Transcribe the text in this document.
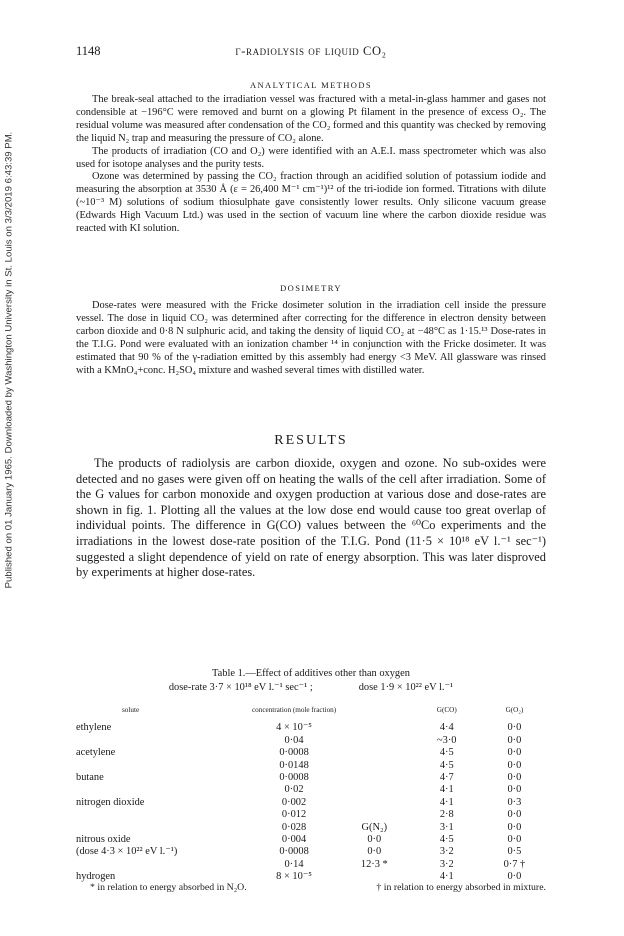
1148	γ-radiolysis of liquid CO₂
Published on 01 January 1965. Downloaded by Washington University in St. Louis on 3/3/2019 6:43:39 PM.
ANALYTICAL METHODS

The break-seal attached to the irradiation vessel was fractured with a metal-in-glass hammer and gases not condensible at −196°C were removed and burnt on a glowing Pt filament in the presence of excess O₂. The residual volume was measured after condensation of the CO₂ formed and this quantity was checked by removing the liquid N₂ trap and measuring the pressure of CO₂ alone.

The products of irradiation (CO and O₂) were identified with an A.E.I. mass spectrometer which was also used for isotope analyses and the purity tests.

Ozone was determined by passing the CO₂ fraction through an acidified solution of potassium iodide and measuring the absorption at 3530 Å (ε = 26,400 M⁻¹ cm⁻¹)¹² of the tri-iodide ion formed. Titrations with dilute (~10⁻³ M) solutions of sodium thiosulphate gave consistently lower results. Only silicone vacuum grease (Edwards High Vacuum Ltd.) was used in the section of vacuum line where the carbon dioxide residue was reacted with KI solution.

DOSIMETRY

Dose-rates were measured with the Fricke dosimeter solution in the irradiation cell inside the pressure vessel. The dose in liquid CO₂ was determined after correcting for the difference in electron density between carbon dioxide and 0·8 N sulphuric acid, and taking the density of liquid CO₂ at −48°C as 1·15.¹³ Dose-rates in the T.I.G. Pond were evaluated with an ionization chamber ¹⁴ in conjunction with the Fricke dosimeter. It was estimated that 90 % of the γ-radiation emitted by this assembly had energy <3 MeV. All glassware was rinsed with a KMnO₄+conc. H₂SO₄ mixture and washed several times with distilled water.

RESULTS

The products of radiolysis are carbon dioxide, oxygen and ozone. No sub-oxides were detected and no gases were given off on heating the walls of the cell after irradiation. Some of the G values for carbon monoxide and oxygen production at various dose and dose-rates are shown in fig. 1. Plotting all the values at the low dose end would cause too great overlap of individual points. The difference in G(CO) values between the ⁶⁰Co experiments and the irradiations in the lowest dose-rate position of the T.I.G. Pond (11·5 × 10¹⁸ eV l.⁻¹ sec⁻¹) suggested a slight dependence of yield on rate of energy absorption. This was later disproved by experiments at higher dose-rates.

Table 1.—Effect of additives other than oxygen
dose-rate 3·7 × 10¹⁸ eV l.⁻¹ sec⁻¹ ;	dose 1·9 × 10²² eV l.⁻¹
solute	concentration (mole fraction)		G(CO)	G(O₂)

ethylene	4 × 10⁻⁵		4·4	0·0
	0·04		~3·0	0·0
acetylene	0·0008		4·5	0·0
	0·0148		4·5	0·0
butane	0·0008		4·7	0·0
	0·02		4·1	0·0
nitrogen dioxide	0·002		4·1	0·3
	0·012		2·8	0·0
	0·028	G(N₂)	3·1	0·0
nitrous oxide	0·004	0·0	4·5	0·0
(dose 4·3 × 10²² eV l.⁻¹)	0·0008	0·0	3·2	0·5
	0·14	12·3 *	3·2	0·7 †
hydrogen	8 × 10⁻⁵		4·1	0·0
* in relation to energy absorbed in N₂O.	† in relation to energy absorbed in mixture.
